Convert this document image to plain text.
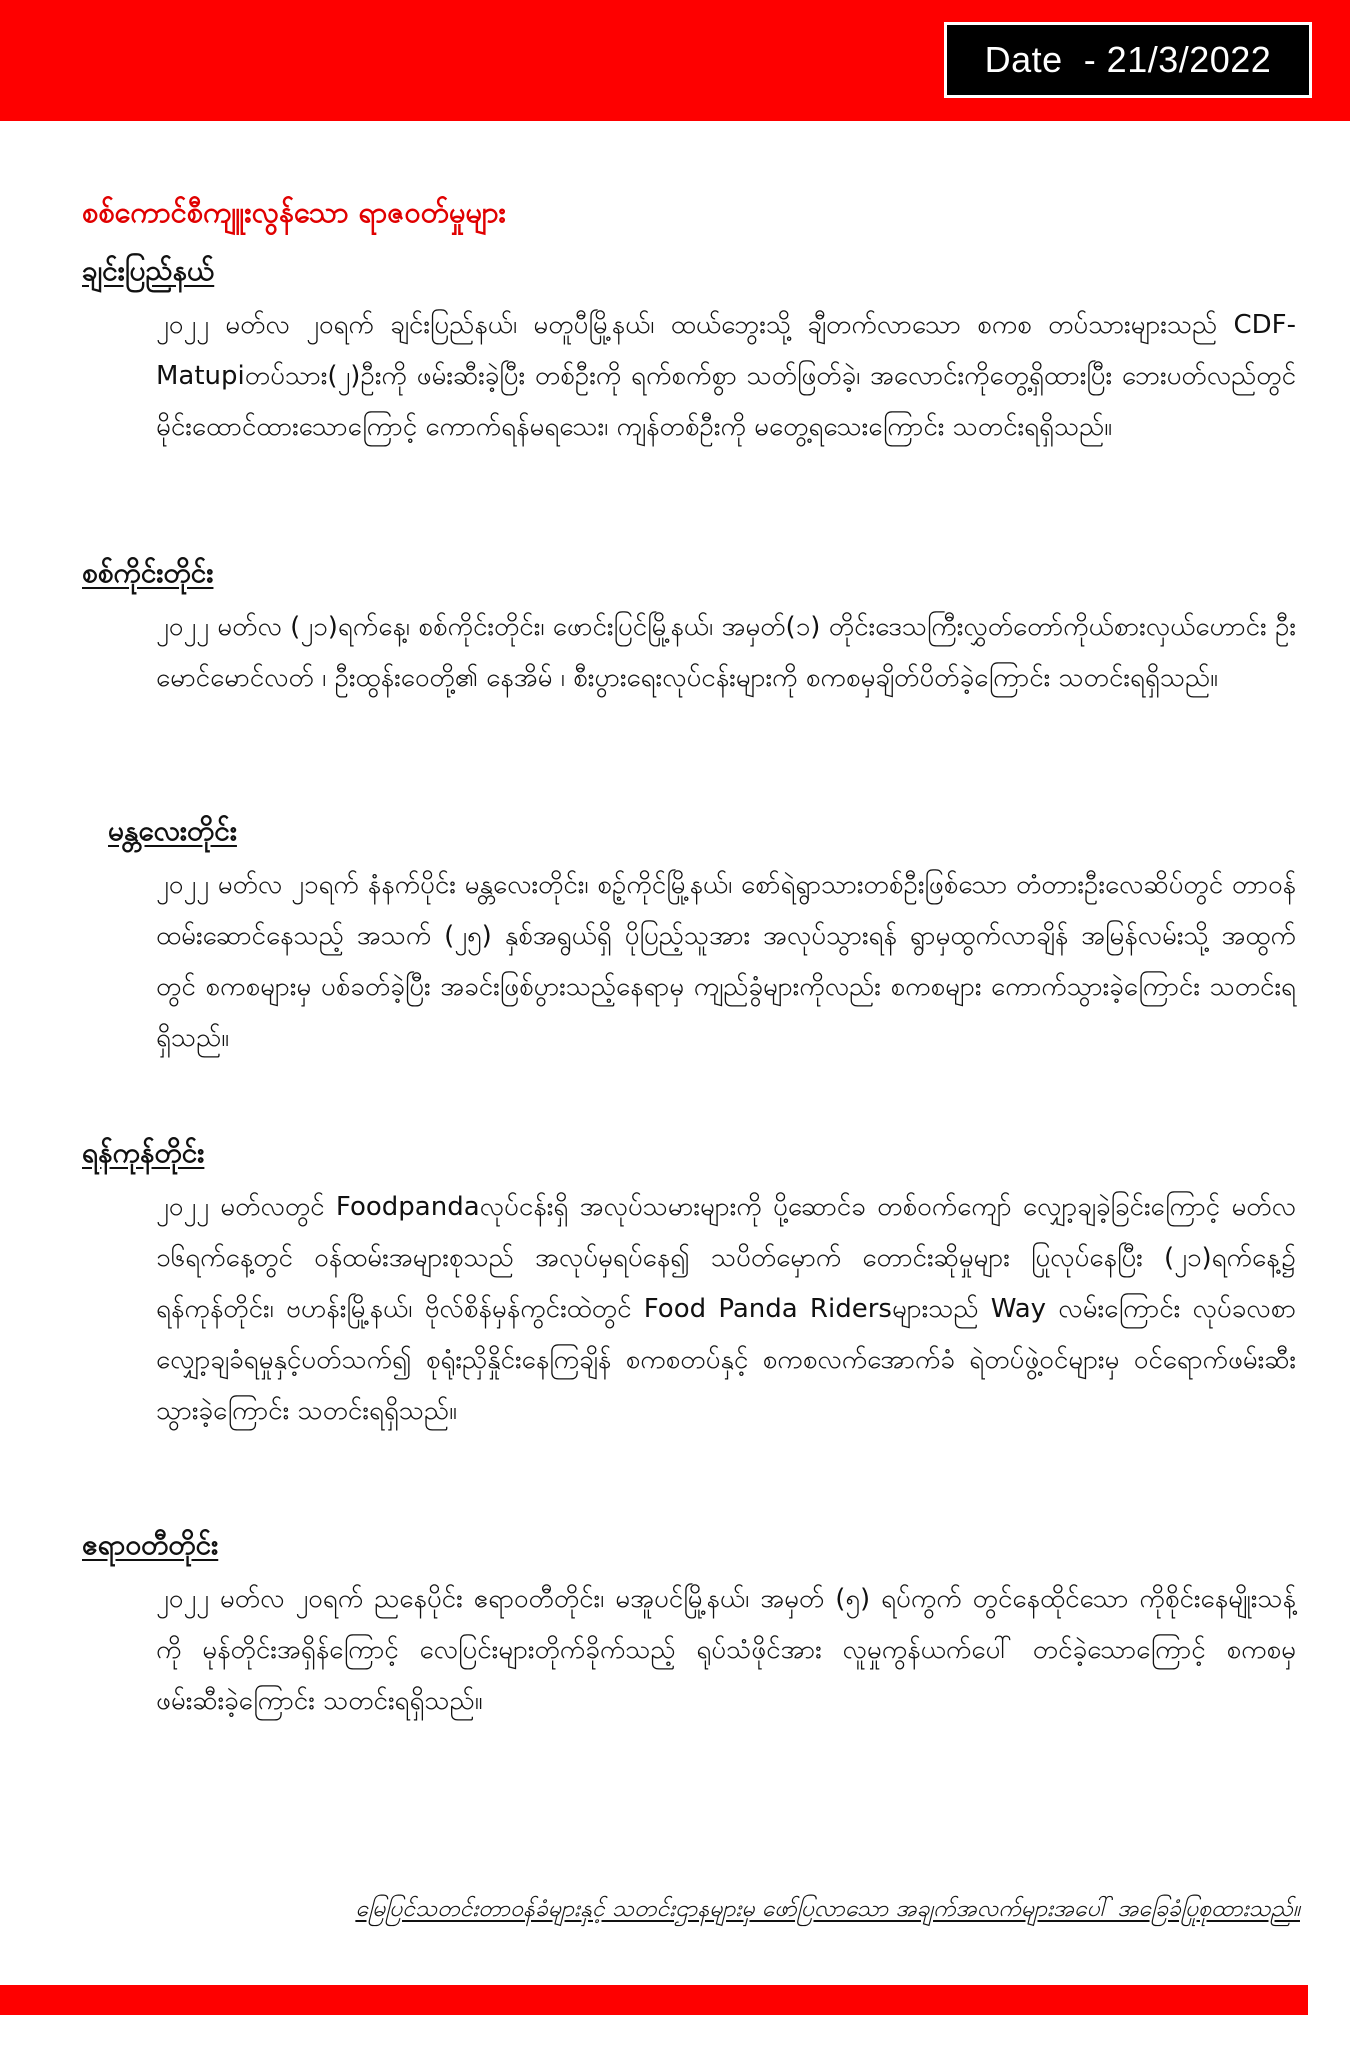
Date  - 21/3/2022
စစ်ကောင်စီကျူးလွန်သော ရာဇဝတ်မှုများ
ချင်းပြည်နယ်

၂၀၂၂ မတ်လ ၂၀ရက် ချင်းပြည်နယ်၊ မတူပီမြို့နယ်၊ ထယ်ဘွေးသို့ ချီတက်လာသော စကစ တပ်သားများသည် CDF-Matupiတပ်သား(၂)ဦးကို ဖမ်းဆီးခဲ့ပြီး တစ်ဦးကို ရက်စက်စွာ သတ်ဖြတ်ခဲ့၊ အလောင်းကိုတွေ့ရှိထားပြီး ဘေးပတ်လည်တွင် မိုင်းထောင်ထားသောကြောင့် ကောက်ရန်မရသေး၊ ကျန်တစ်ဦးကို မတွေ့ရသေးကြောင်း သတင်းရရှိသည်။

စစ်ကိုင်းတိုင်း

၂၀၂၂ မတ်လ (၂၁)ရက်နေ့၊ စစ်ကိုင်းတိုင်း၊ ဖောင်းပြင်မြို့နယ်၊ အမှတ်(၁) တိုင်းဒေသကြီးလွှတ်တော်ကိုယ်စားလှယ်ဟောင်း ဦးမောင်မောင်လတ် ၊ ဦးထွန်းဝေတို့၏ နေအိမ် ၊ စီးပွားရေးလုပ်ငန်းများကို စကစမှချိတ်ပိတ်ခဲ့ကြောင်း သတင်းရရှိသည်။

မန္တလေးတိုင်း

၂၀၂၂ မတ်လ ၂၁ရက် နံနက်ပိုင်း မန္တလေးတိုင်း၊ စဉ့်ကိုင်မြို့နယ်၊ စော်ရဲရွာသားတစ်ဦးဖြစ်သော တံတားဦးလေဆိပ်တွင် တာဝန်ထမ်းဆောင်နေသည့် အသက် (၂၅) နှစ်အရွယ်ရှိ ပိုပြည့်သူအား အလုပ်သွားရန် ရွာမှထွက်လာချိန် အမြန်လမ်းသို့ အထွက်တွင် စကစများမှ ပစ်ခတ်ခဲ့ပြီး အခင်းဖြစ်ပွားသည့်နေရာမှ ကျည်ခွံများကိုလည်း စကစများ ကောက်သွားခဲ့ကြောင်း သတင်းရရှိသည်။

ရန်ကုန်တိုင်း

၂၀၂၂ မတ်လတွင် Foodpandaလုပ်ငန်းရှိ အလုပ်သမားများကို ပို့ဆောင်ခ တစ်ဝက်ကျော် လျှော့ချခဲ့ခြင်းကြောင့် မတ်လ ၁၆ရက်နေ့တွင် ဝန်ထမ်းအများစုသည် အလုပ်မှရပ်နေ၍ သပိတ်မှောက် တောင်းဆိုမှုများ ပြုလုပ်နေပြီး (၂၁)ရက်နေ့၌ ရန်ကုန်တိုင်း၊ ဗဟန်းမြို့နယ်၊ ဗိုလ်စိန်မှန်ကွင်းထဲတွင် Food Panda Ridersများသည် Way လမ်းကြောင်း လုပ်ခလစာ လျှော့ချခံရမှုနှင့်ပတ်သက်၍ စုရုံးညှိနှိုင်းနေကြချိန် စကစတပ်နှင့် စကစလက်အောက်ခံ ရဲတပ်ဖွဲ့ဝင်များမှ ဝင်ရောက်ဖမ်းဆီးသွားခဲ့ကြောင်း သတင်းရရှိသည်။

ဧရာဝတီတိုင်း

၂၀၂၂ မတ်လ ၂၀ရက် ညနေပိုင်း ဧရာဝတီတိုင်း၊ မအူပင်မြို့နယ်၊ အမှတ် (၅) ရပ်ကွက် တွင်နေထိုင်သော ကိုစိုင်းနေမျိုးသန့် ကို မုန်တိုင်းအရှိန်ကြောင့် လေပြင်းများတိုက်ခိုက်သည့် ရုပ်သံဖိုင်အား လူမှုကွန်ယက်ပေါ် တင်ခဲ့သောကြောင့် စကစမှ ဖမ်းဆီးခဲ့ကြောင်း သတင်းရရှိသည်။

မြေပြင်သတင်းတာဝန်ခံများနှင့် သတင်းဌာနများမှ ဖော်ပြလာသော အချက်အလက်များအပေါ် အခြေခံပြုစုထားသည်။
